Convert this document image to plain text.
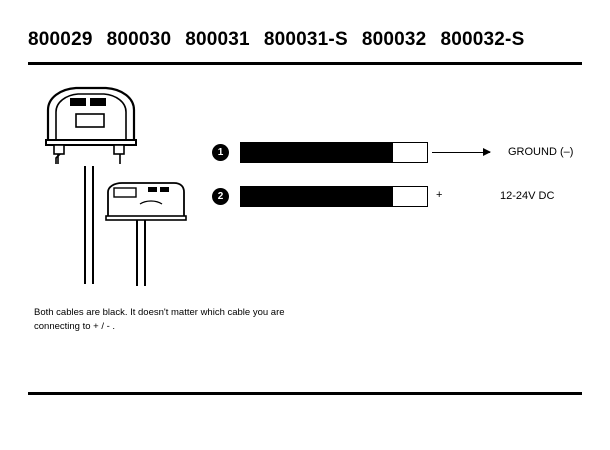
800029 800030 800031 800031-S 800032 800032-S
1	GROUND (–)
2	+	12-24V DC
Both cables are black. It doesn't matter which cable you are
connecting to + / - .
